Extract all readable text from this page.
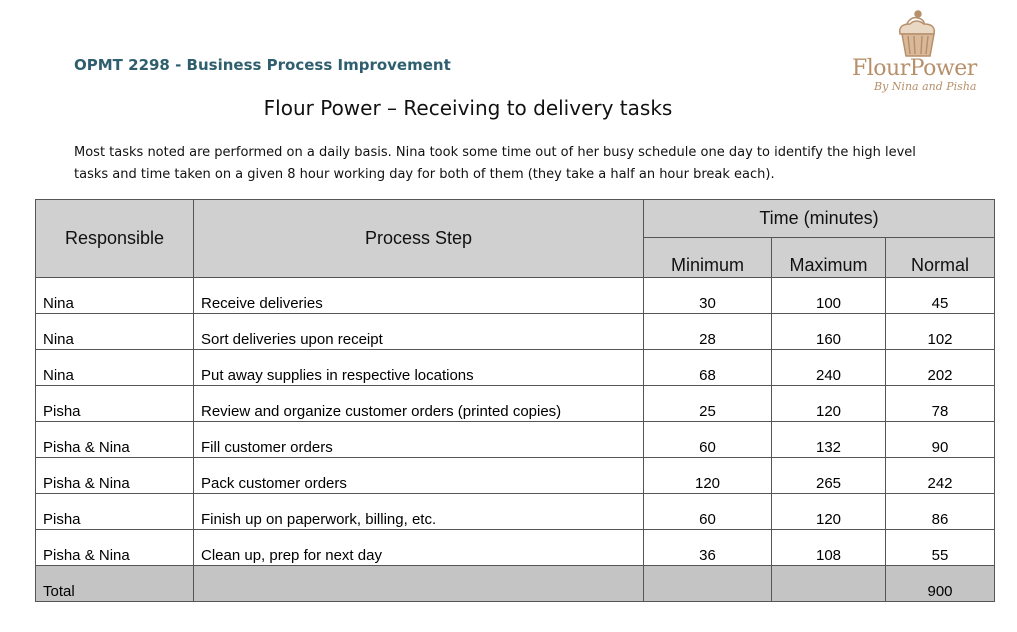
OPMT 2298 - Business Process Improvement	FlourPower
By Nina and Pisha
Flour Power – Receiving to delivery tasks
Most tasks noted are performed on a daily basis. Nina took some time out of her busy schedule one day to identify the high level tasks and time taken on a given 8 hour working day for both of them (they take a half an hour break each).
Responsible	Process Step	Time (minutes)		
		Minimum	Maximum	Normal
Nina	Receive deliveries	30	100	45
Nina	Sort deliveries upon receipt	28	160	102
Nina	Put away supplies in respective locations	68	240	202
Pisha	Review and organize customer orders (printed copies)	25	120	78
Pisha & Nina	Fill customer orders	60	132	90
Pisha & Nina	Pack customer orders	120	265	242
Pisha	Finish up on paperwork, billing, etc.	60	120	86
Pisha & Nina	Clean up, prep for next day	36	108	55
Total				900
